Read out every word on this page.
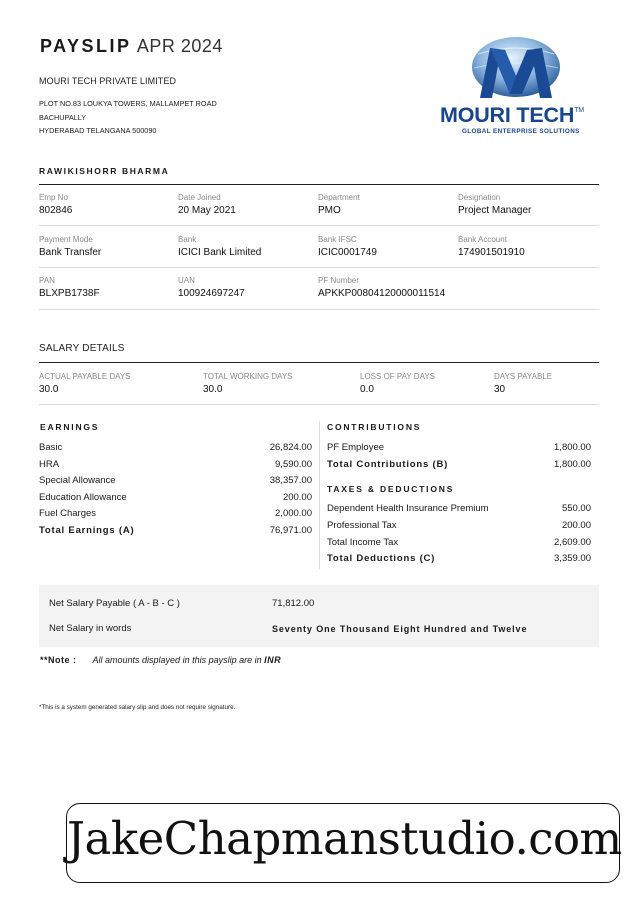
PAYSLIP APR 2024
MOURI TECH PRIVATE LIMITED
PLOT NO.83 LOUKYA TOWERS, MALLAMPET ROAD
BACHUPALLY
HYDERABAD TELANGANA 500090
MOURI TECH™
GLOBAL ENTERPRISE SOLUTIONS
RAWIKISHORR BHARMA
Emp No
802846
Date Joined
20 May 2021
Department
PMO
Designation
Project Manager
Payment Mode
Bank Transfer
Bank
ICICI Bank Limited
Bank IFSC
ICIC0001749
Bank Account
174901501910
PAN
BLXPB1738F
UAN
100924697247
PF Number
APKKP00804120000011514
SALARY DETAILS
ACTUAL PAYABLE DAYS
30.0
TOTAL WORKING DAYS
30.0
LOSS OF PAY DAYS
0.0
DAYS PAYABLE
30
EARNINGS
Basic	26,824.00
HRA	9,590.00
Special Allowance	38,357.00
Education Allowance	200.00
Fuel Charges	2,000.00
Total Earnings (A)	76,971.00
CONTRIBUTIONS
PF Employee	1,800.00
Total Contributions (B)	1,800.00
TAXES & DEDUCTIONS
Dependent Health Insurance Premium	550.00
Professional Tax	200.00
Total Income Tax	2,609.00
Total Deductions (C)	3,359.00
Net Salary Payable ( A - B - C )	71,812.00
Net Salary in words	Seventy One Thousand Eight Hundred and Twelve
**Note : All amounts displayed in this payslip are in INR
*This is a system generated salary slip and does not require signature.
JakeChapmanstudio.com
